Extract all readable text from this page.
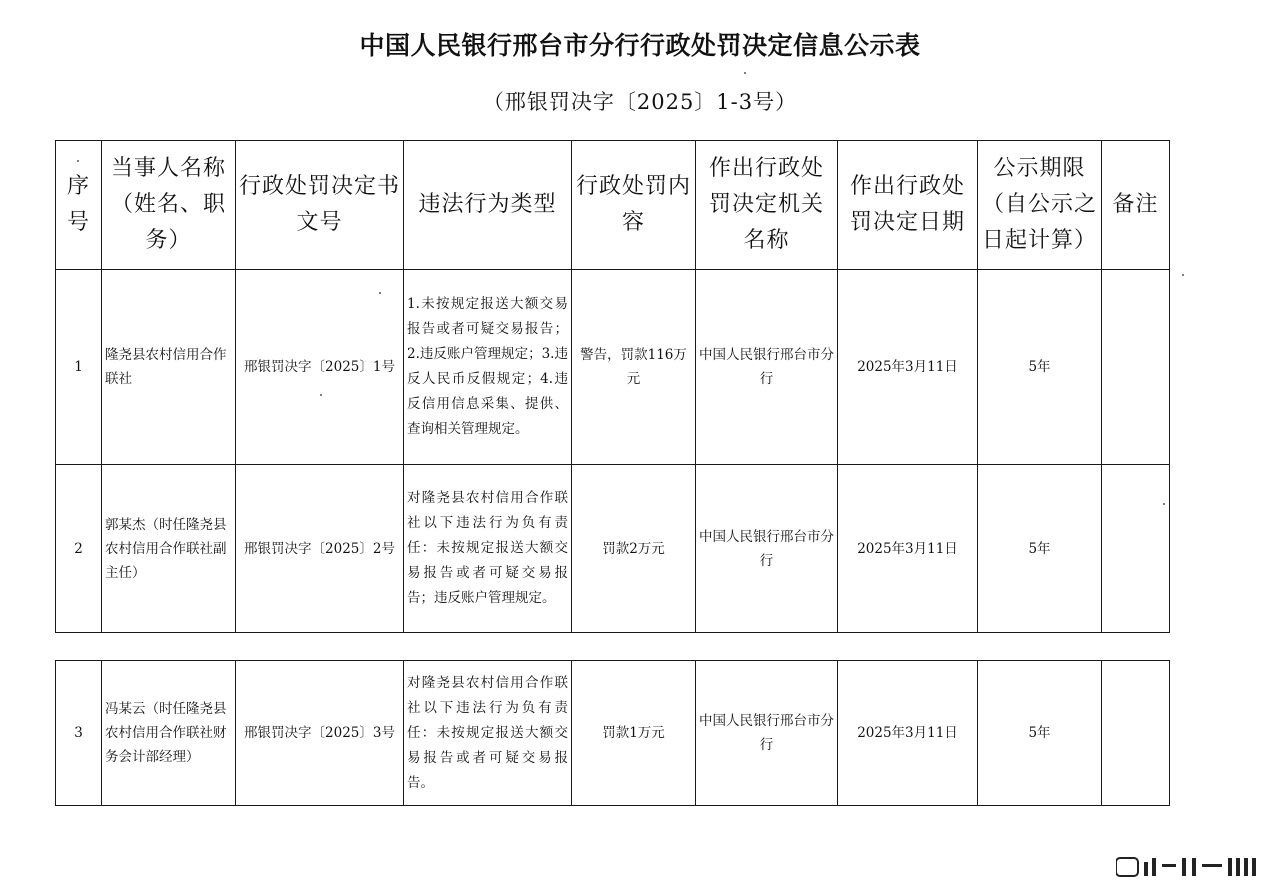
中国人民银行邢台市分行行政处罚决定信息公示表
（邢银罚决字〔2025〕1-3号）
序号	当事人名称（姓名、职务）	行政处罚决定书文号	违法行为类型	行政处罚内容	作出行政处罚决定机关名称	作出行政处罚决定日期	公示期限（自公示之日起计算）	备注
1	隆尧县农村信用合作联社	邢银罚决字〔2025〕1号	1.未按规定报送大额交易报告或者可疑交易报告；2.违反账户管理规定；3.违反人民币反假规定；4.违反信用信息采集、提供、查询相关管理规定。	警告，罚款116万元	中国人民银行邢台市分行	2025年3月11日	5年	
2	郭某杰（时任隆尧县农村信用合作联社副主任）	邢银罚决字〔2025〕2号	对隆尧县农村信用合作联社以下违法行为负有责任：未按规定报送大额交易报告或者可疑交易报告；违反账户管理规定。	罚款2万元	中国人民银行邢台市分行	2025年3月11日	5年	
3	冯某云（时任隆尧县农村信用合作联社财务会计部经理）	邢银罚决字〔2025〕3号	对隆尧县农村信用合作联社以下违法行为负有责任：未按规定报送大额交易报告或者可疑交易报告。	罚款1万元	中国人民银行邢台市分行	2025年3月11日	5年	
